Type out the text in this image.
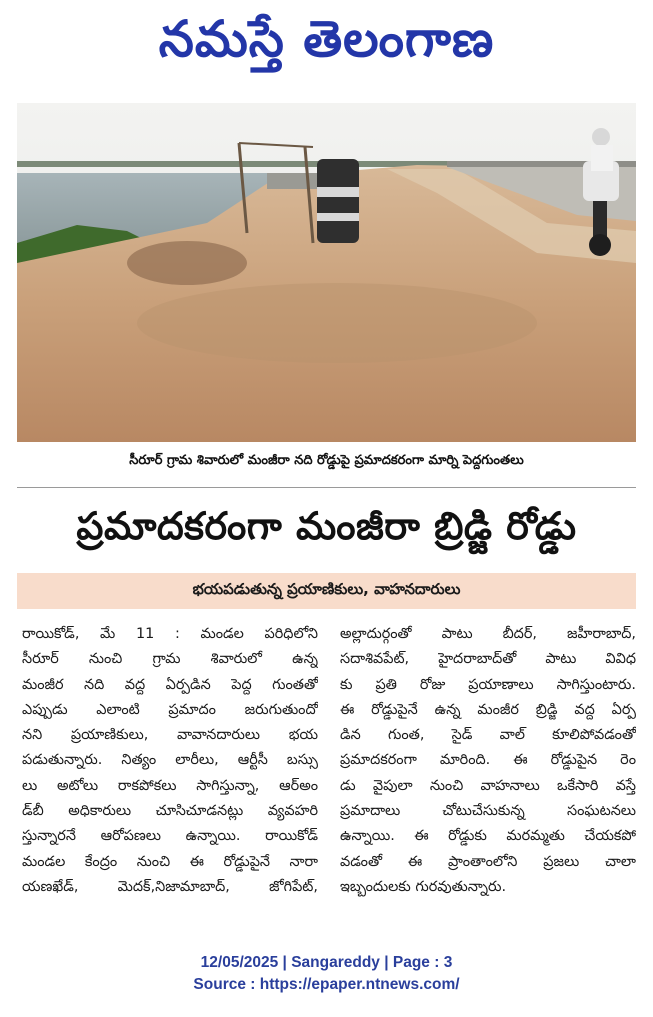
నమస్తే తెలంగాణ
సీరూర్ గ్రామ శివారులో మంజీరా నది రోడ్డుపై ప్రమాదకరంగా మార్ని పెద్దగుంతలు
ప్రమాదకరంగా మంజీరా బ్రిడ్జి రోడ్డు
భయపడుతున్న ప్రయాణికులు, వాహనదారులు
రాయికోడ్, మే 11 : మండల పరిధిలోని
సీరూర్ నుంచి గ్రామ శివారులో ఉన్న
మంజీర నది వద్ద ఏర్పడిన పెద్ద గుంతతో
ఎప్పుడు ఎలాంటి ప్రమాదం జరుగుతుందో
నని ప్రయాణికులు, వావానదారులు భయ
పడుతున్నారు. నిత్యం లారీలు, ఆర్టీసీ బస్సు
లు అటోలు రాకపోకలు సాగిస్తున్నా, ఆర్అం
డ్‌బీ అధికారులు చూసిచూడనట్లు వ్యవహరి
స్తున్నారనే ఆరోపణలు ఉన్నాయి. రాయికోడ్
మండల కేంద్రం నుంచి ఈ రోడ్డుపైనే నారా
యణఖేడ్, మెదక్,నిజామాబాద్, జోగిపేట్,
అల్లాదుర్గంతో పాటు బీదర్, జహీరాబాద్,
సదాశివపేట్, హైదరాబాద్‌తో పాటు వివిధ
కు ప్రతి రోజు ప్రయాణాలు సాగిస్తుంటారు.
ఈ రోడ్డుపైనే ఉన్న మంజీర బ్రిడ్జి వద్ద ఏర్ప
డిన గుంత, సైడ్ వాల్ కూలిపోవడంతో
ప్రమాదకరంగా మారింది. ఈ రోడ్డుపైన రెం
డు వైపులా నుంచి వాహనాలు ఒకేసారి వస్తే
ప్రమాదాలు చోటుచేసుకున్న సంఘటనలు
ఉన్నాయి. ఈ రోడ్డుకు మరమ్మతు చేయకపో
వడంతో ఈ ప్రాంతాంలోని ప్రజలు చాలా
ఇబ్బందులకు గురవుతున్నారు.
12/05/2025 | Sangareddy | Page : 3
Source : https://epaper.ntnews.com/
